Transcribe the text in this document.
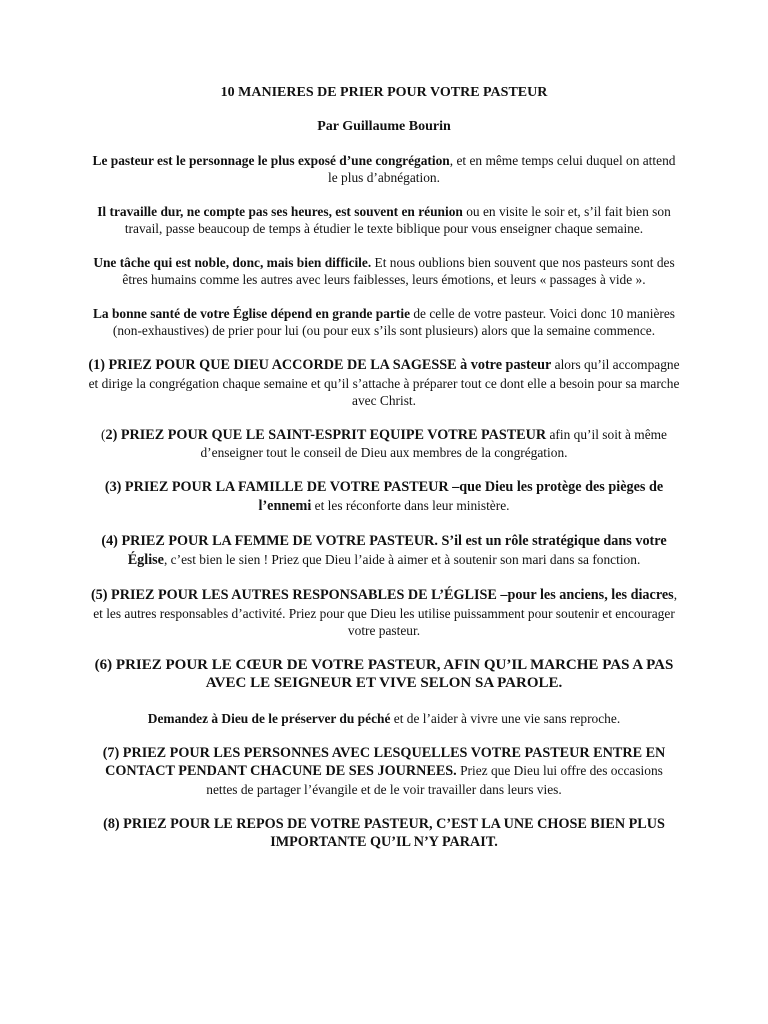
10 MANIERES DE PRIER POUR VOTRE PASTEUR
Par Guillaume Bourin
Le pasteur est le personnage le plus exposé d’une congrégation, et en même temps celui duquel on attend le plus d’abnégation.
Il travaille dur, ne compte pas ses heures, est souvent en réunion ou en visite le soir et, s’il fait bien son travail, passe beaucoup de temps à étudier le texte biblique pour vous enseigner chaque semaine.
Une tâche qui est noble, donc, mais bien difficile. Et nous oublions bien souvent que nos pasteurs sont des êtres humains comme les autres avec leurs faiblesses, leurs émotions, et leurs « passages à vide ».
La bonne santé de votre Église dépend en grande partie de celle de votre pasteur. Voici donc 10 manières (non-exhaustives) de prier pour lui (ou pour eux s’ils sont plusieurs) alors que la semaine commence.
(1) PRIEZ POUR QUE DIEU ACCORDE DE LA SAGESSE à votre pasteur alors qu’il accompagne et dirige la congrégation chaque semaine et qu’il s’attache à préparer tout ce dont elle a besoin pour sa marche avec Christ.
(2) PRIEZ POUR QUE LE SAINT-ESPRIT EQUIPE VOTRE PASTEUR afin qu’il soit à même d’enseigner tout le conseil de Dieu aux membres de la congrégation.
(3) PRIEZ POUR LA FAMILLE DE VOTRE PASTEUR –que Dieu les protège des pièges de l’ennemi et les réconforte dans leur ministère.
(4) PRIEZ POUR LA FEMME DE VOTRE PASTEUR. S’il est un rôle stratégique dans votre Église, c’est bien le sien ! Priez que Dieu l’aide à aimer et à soutenir son mari dans sa fonction.
(5) PRIEZ POUR LES AUTRES RESPONSABLES DE L’ÉGLISE –pour les anciens, les diacres, et les autres responsables d’activité. Priez pour que Dieu les utilise puissamment pour soutenir et encourager votre pasteur.
(6) PRIEZ POUR LE CŒUR DE VOTRE PASTEUR, AFIN QU’IL MARCHE PAS A PAS AVEC LE SEIGNEUR ET VIVE SELON SA PAROLE.
Demandez à Dieu de le préserver du péché et de l’aider à vivre une vie sans reproche.
(7) PRIEZ POUR LES PERSONNES AVEC LESQUELLES VOTRE PASTEUR ENTRE EN CONTACT PENDANT CHACUNE DE SES JOURNEES. Priez que Dieu lui offre des occasions nettes de partager l’évangile et de le voir travailler dans leurs vies.
(8) PRIEZ POUR LE REPOS DE VOTRE PASTEUR, C’EST LA UNE CHOSE BIEN PLUS IMPORTANTE QU’IL N’Y PARAIT.
